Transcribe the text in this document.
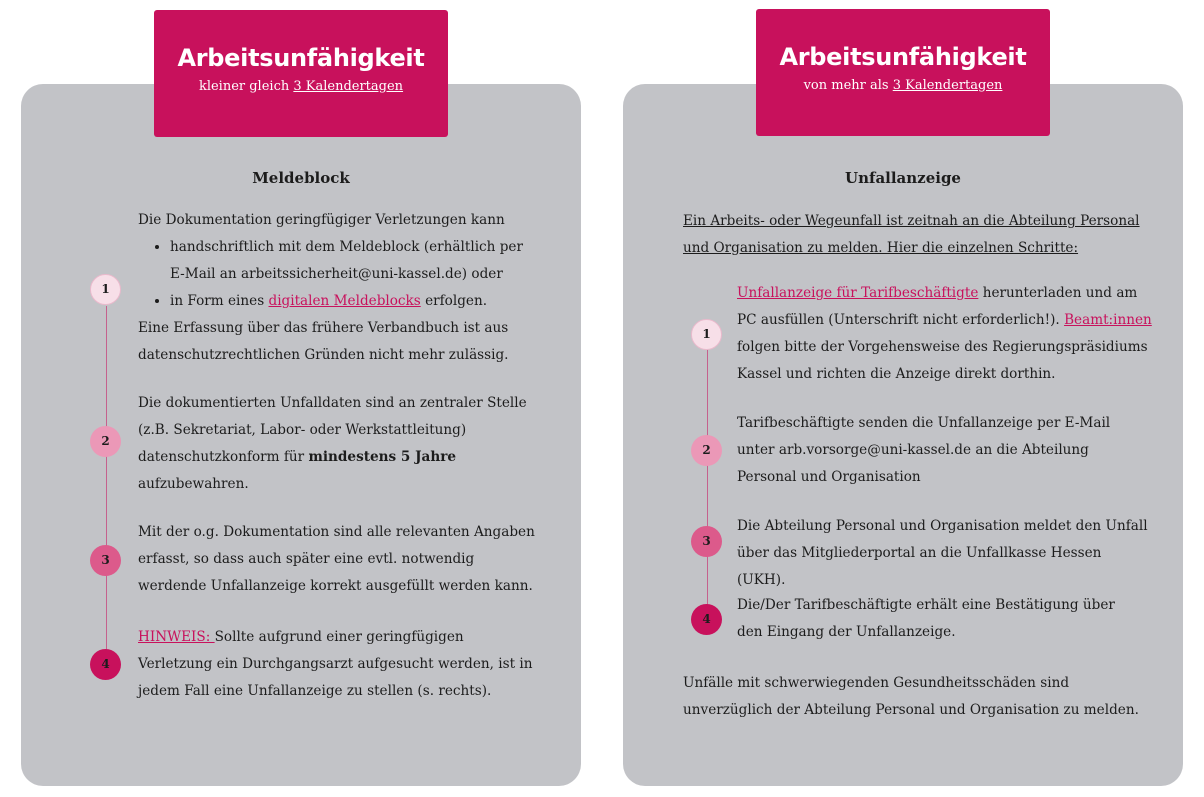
Arbeitsunfähigkeit
kleiner gleich 3 Kalendertagen
Meldeblock
1
2
3
4
Die Dokumentation geringfügiger Verletzungen kann
• handschriftlich mit dem Meldeblock (erhältlich per E-Mail an arbeitssicherheit@uni-kassel.de) oder
• in Form eines digitalen Meldeblocks erfolgen.
Eine Erfassung über das frühere Verbandbuch ist aus datenschutzrechtlichen Gründen nicht mehr zulässig.
Die dokumentierten Unfalldaten sind an zentraler Stelle (z.B. Sekretariat, Labor- oder Werkstattleitung) datenschutzkonform für mindestens 5 Jahre aufzubewahren.
Mit der o.g. Dokumentation sind alle relevanten Angaben erfasst, so dass auch später eine evtl. notwendig werdende Unfallanzeige korrekt ausgefüllt werden kann.
HINWEIS: Sollte aufgrund einer geringfügigen Verletzung ein Durchgangsarzt aufgesucht werden, ist in jedem Fall eine Unfallanzeige zu stellen (s. rechts).
Arbeitsunfähigkeit
von mehr als 3 Kalendertagen
Unfallanzeige
Ein Arbeits- oder Wegeunfall ist zeitnah an die Abteilung Personal und Organisation zu melden. Hier die einzelnen Schritte:
1
2
3
4
Unfallanzeige für Tarifbeschäftigte herunterladen und am PC ausfüllen (Unterschrift nicht erforderlich!). Beamt:innen folgen bitte der Vorgehensweise des Regierungspräsidiums Kassel und richten die Anzeige direkt dorthin.
Tarifbeschäftigte senden die Unfallanzeige per E-Mail unter arb.vorsorge@uni-kassel.de an die Abteilung Personal und Organisation
Die Abteilung Personal und Organisation meldet den Unfall über das Mitgliederportal an die Unfallkasse Hessen (UKH).
Die/Der Tarifbeschäftigte erhält eine Bestätigung über den Eingang der Unfallanzeige.
Unfälle mit schwerwiegenden Gesundheitsschäden sind unverzüglich der Abteilung Personal und Organisation zu melden.
